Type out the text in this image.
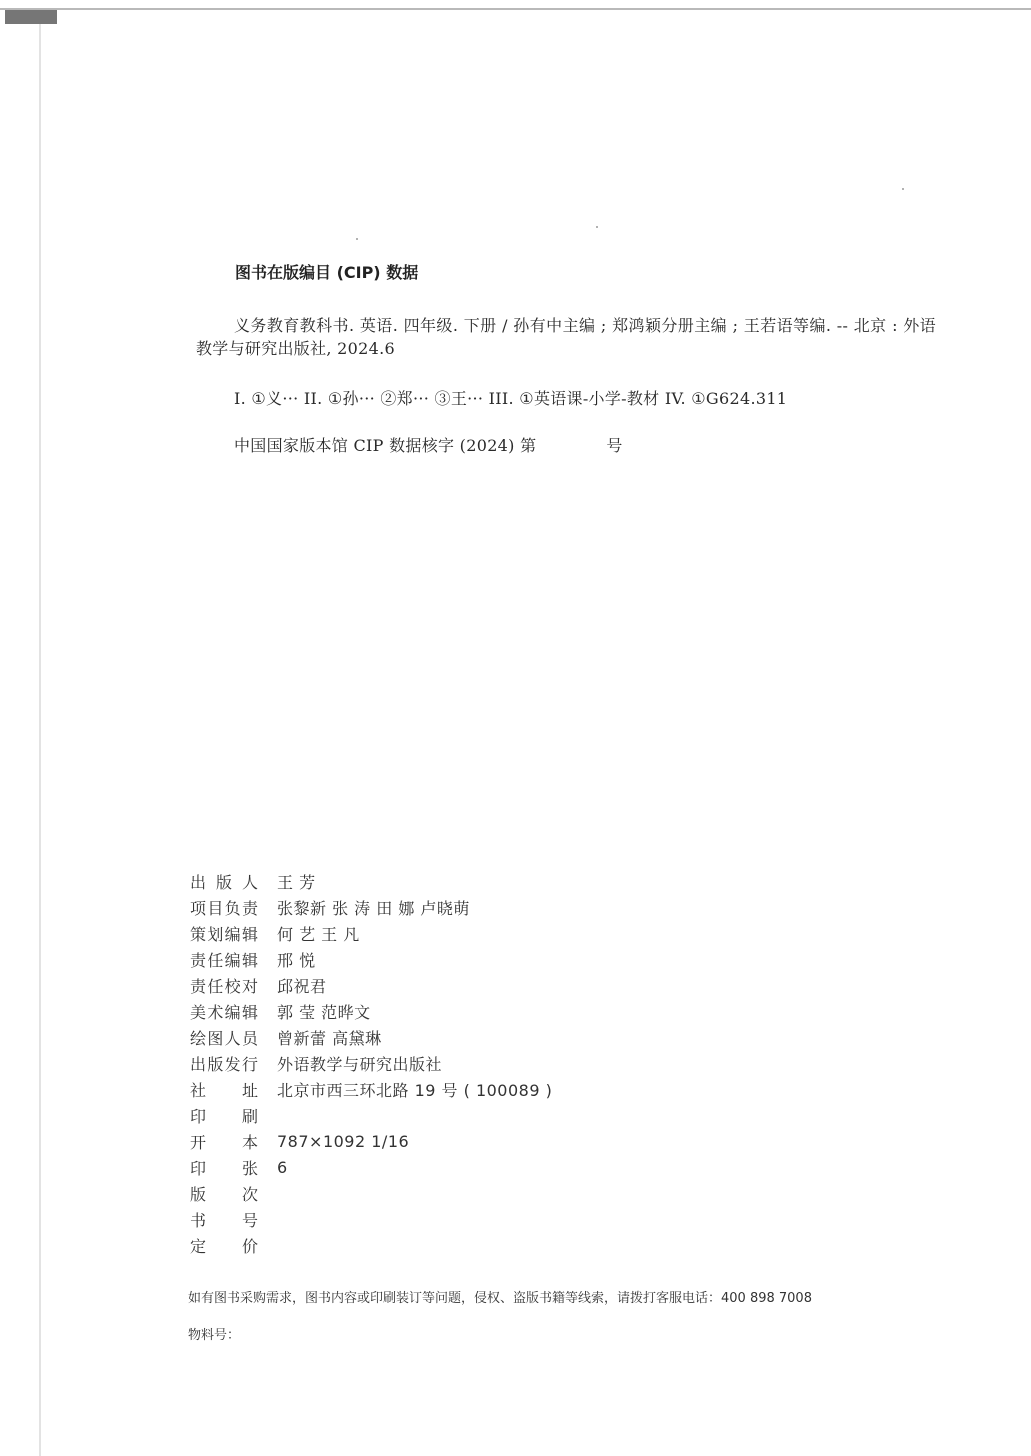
图书在版编目 (CIP) 数据
义务教育教科书. 英语. 四年级. 下册 / 孙有中主编 ; 郑鸿颖分册主编 ; 王若语等编. -- 北京 : 外语教学与研究出版社, 2024.6
I. ①义··· II. ①孙··· ②郑··· ③王··· III. ①英语课-小学-教材 IV. ①G624.311
中国国家版本馆 CIP 数据核字 (2024) 第	号
出 版 人 王 芳
项 目 负 责 张黎新 张 涛 田 娜 卢晓萌
策 划 编 辑 何 艺 王 凡
责 任 编 辑 邢 悦
责 任 校 对 邱祝君
美 术 编 辑 郭 莹 范晔文
绘 图 人 员 曾新蕾 高黛琳
出 版 发 行 外语教学与研究出版社
社 址 北京市西三环北路 19 号 ( 100089 )
印 刷
开 本 787×1092 1/16
印 张 6
版 次
书 号
定 价
如有图书采购需求，图书内容或印刷装订等问题，侵权、盗版书籍等线索，请拨打客服电话：400 898 7008
物料号：
